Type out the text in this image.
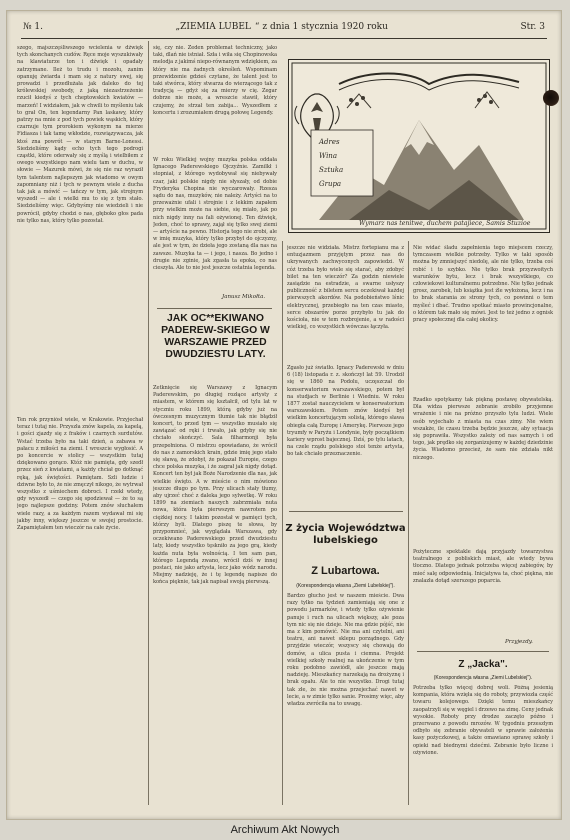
№ 1.	„ZIEMIA LUBEL “ z dnia 1 stycznia 1920 roku	Str. 3
szego, majszczęśliwszego wcielenia w dźwięk tych skonchanych cudów. Ręce moje wyszukiwały na klawiaturze ton i dźwięk i opadały zatrzymane. Ileż to trudu i mozołu, zanim opanuję źwiarda i mam się z natury swej, się prowadzi i przedłużała jak daleko do tej królewskiej swobody, z jaką niezastrzeżenie rzucił kiedyś z tych cheptowskich kwiatów — marzeń! I widziałem, jak w chwili to myśleniu tak to grał On, ten legendarny Pan laskawy, który patrzy na mnie z pod tych powiek wąskich, który czarnuje tym prorokiem wykonym na mierze Fidiasza i tak tamę wkłodzie, rozwiązywacza, jak ktoś zna powrót — w starym Barne-Lonessi. Siedzieliśmy kądy echo tych tego podrogi cząstki, które oderwały się z myślą i wielbiłem z owego wszystkiego nam wielu tam w duchu, w słowie — Mazurek mówi, że się nie raz wyraził tym talentem najlepszym jak wiadomo w owym zapomniany niż i tych w pewnym wiele z ducha tak jak a mówić — tańczy w tym, jak strojnym wyszedł — ale i wielki mu to się z tym stało. Siedzieliśmy więc. Gdybyśmy nie wiedzieli i nie powrócił, gdyby chodzi o nas, głęboko głos pada nie tylko nas, który tylko pozostał.
Ten rok przyniósł wiele, w Krakowie. Przyjechał teraz i tutaj nie. Przyszła znów kapela, za kapelą, i gości zjazdy się z fraków i czarnych surdutów. Wstać trzeba było na taki dzień, a zabawa w pałacu z miłości na ziemi. I wreszcie wygłosić. A po koncercie w stolicy — wszystkim tutaj dziękowano gorąco. Któż nie pamięta, gdy szedł przez sień z kwiatami, a każdy chciał go dotknąć ręką, jak świętości. Pamiętam. Szli ludzie i dziwne było to, że nie zmęczył nikogo, że wytrwał wszystko z uśmiechem dobroci. I rzekł wtedy, gdy wyszedł — czego się spodziewał — że to są jego najlepsze godziny. Potem znów słuchałem wiele razy, a za każdym razem wydawał mi się jakby inny, większy jeszcze w swojej prostocie. Zapamiętałem ten wieczór na całe życie.
się, czy nie. Żeden problemat techniczny, jako taki, dlań nie istniał. Szła i wiła się Chopinowska melodja z jakimś niepo-równanym wdziękiem, za który nie ma żadnych określeń. Wspominam przewidzenie gdzieś czytane, że talent jest to taki stwórca, który stwarza do wierzącego tak z tradycją — gdyż się za mierzy w cię. Zegar dobrze nie może, a wreszcie stawił, który czujemy, że strzał ten zabija... Wyszedłem z koncertu i zrozumiałem drugą połowę Legendy.
W roku Wielkiej wojny muzyka polska oddała Ignacego Paderewskiego Ojczyźnie. Zamilkł i stopniał, z którego wydobywał się niebywały czar, jaki polskie nigdy nie słyszały, od dobie Fryderyka Chopina nie wyczarowały. Rzesza sądu do nas, muzyków, nie należy. Artyści na to przeważnie ufali i strojnie i z lekkim zapałem przy wielkim może na siebie, się miało, jak po nich nigdy inny na fali ożywionej. Ten dźwięk, Jeden, choć to sprawy, zajął się tylko swej ziemi — artyście na pewno. Historja tego nie zrobi, ale w imię muzyka, który tylko przybył do ojczyzny, ale jest w tym, że dzieła jego zostaną dla nas na zawsze. Muzyka ta — i jego, i nasza. Bo jedno i drugie nie zginie, jak zgasła ta epoka, co nas cieszyła. Ale to nie jest jeszcze ostatnia legenda.
Janusz Mikołta.
JAK OC**EKIWANO PADEREW-SKIEGO W WARSZAWIE PRZED DWUDZIESTU LATY.
Zetknięcie się Warszawy z Ignacym Paderewskim, po długiej rozłące artysty z miastem, w którem się kształcił, od tylu lat w styczniu roku 1899, którą gdyby już na ówczesnym muzycznym tłumie tak nie błądził koncert, to przed tym — wszystko musiało się zawiązać od ręki i trwało, jak gdyby się nie chciało skończyć. Sala filharmonji była przepełniona. O mistrzu opowiadano, że wrócił do nas z zamorskich krain, gdzie imię jego stało się sławą, że zdobył, że pokazał Europie, czego chce polska muzyka, i że zagrał jak nigdy dotąd. Koncert ten był jak Boże Narodzenie dla nas, jak wielkie święto. A w mieście o nim mówiono jeszcze długo po tym. Przy ulicach stały tłumy, aby ujrzeć choć z daleka jego sylwetkę. W roku 1899 na ziemiach naszych zabrzmiała nuta nowa, która była pierwszym nawrotem po ciężkiej nocy. I takim pozostał w pamięci tych, którzy byli. Dlatego piszę te słowa, by przypomnieć, jak wyglądała Warszawa, gdy oczekiwano Paderewskiego przed dwudziestu laty, kiedy wszystko tęskniło za jego grą, kiedy każda nuta była wolnością. I ten sam pan, którego Legendą zwano, wrócił dziś w innej postaci, nie jako artysta, lecz jako wódz narodu. Miejmy nadzieję, że i tę legendę napisze do końca pięknie, tak jak napisał swoją pierwszą.
Adres
Wina
Sztuka
Grupa
Wymarz nas tenitwe, duchem patajiece, Samis Stuzioe
jeszcze nie widziała. Mistrz fortepianu ma z entuzjazmem przyjętym przez nas do ukrywanych zachwyconych zapowiedzi. W cóż trzeba było wiele się starać, aby zdobyć bilet na ten wieczór? Za godzin niewiele zasiądzie na estradzie, a swarne usłyszy publiczność z biletem sercu oczekiwał każdej pierwszych akordów. Na podobieństwo lśnic elektrycznej, przebiegło na ten czas miasto, serce obszarów porze przybyło tu jak do kościoła, nie w tem rozbrojenie, a w radości wielkiej, co wszystkich wówczas łączyła.
Zgasło już światło. Ignacy Paderewski w dniu 6 (18) listopada r. z. skończył lat 59. Urodził się w 1860 na Podolu, uczęszczał do konserwatorium warszawskiego, potem był na studjach w Berlinie i Wiedniu. W roku 1877 został nauczycielem w konserwatorium warszawskiem. Potem znów kiedyś był wielkim koncertującym solistą, którego sława obiegła całą Europę i Amerykę. Pierwsze jego tryumfy w Paryżu i Londynie, były początkiem kariery wprost bajecznej. Dziś, po tylu latach, na czele rządu polskiego stoi tenże artysta, bo tak chciało przeznaczenie.
Z życia Województwa lubelskiego
Z Lubartowa.
(Korespondencja własna „Ziemi Lubelskiej").
Bardzo głucho jest w naszem mieście. Dwa razy tylko na tydzień zamieniają się one z powodu jarmarków, i wtedy tylko ożywienie panuje i ruch na ulicach większy, ale poza tym nic się nie dzieje. Nie ma gdzie pójść, nie ma z kim pomówić. Nie ma ani czytelni, ani teatru, ani nawet sklepu porządnego. Gdy przyjdzie wieczór, wszyscy się chowają do domów, a ulica pusta i ciemna. Projekt wielkiej szkoły realnej na ukończenie w tym roku podobno zawiódł, ale jeszcze mają nadzieję. Mieszkańcy narzekają na drożyznę i brak opału. Ale to nie wszystko. Drogi tutaj tak złe, że nie można przejechać nawet w lecie, a w zimie tylko sanie. Prosimy więc, aby władza zwróciła na to uwagę.
Nie widać śladu zapełnienia tego miejscem rzeczy, tymczasem wielkie potrzeby. Tylko w taki sposób można by zmniejszyć niedolę, ale nie tylko, trzeba coś robić i to szybko. Nie tylko brak przyzwoitych warunków bytu, lecz i brak wszystkiego, co człowiekowi kulturalnemu potrzebne. Nie tylko jednak grosz, zarobek, lub książka jest źle wyłożona, lecz i na to brak starania ze strony tych, co powinni o tem myśleć i dbać. Trudno spotkać miasto prowincjonalne, o którem tak mało się mówi. Jest to też jedno z ognisk pracy społecznej dla całej okolicy.
Rzadko spotykamy tak piękną postawę obywatelską. Dla widza pierwsze zebranie zrobiło przyjemne wrażenie i nie na próżno przyszło tylu ludzi. Wiele osób wyjechało z miasta na czas zimy. Nie wiem wszakże, ile czasu trzeba będzie jeszcze, aby sytuacja się poprawiła. Wszystko zależy od nas samych i od tego, jak prędko się zorganizujemy w każdej dziedzinie życia. Wiadomo przecież, że sam nie zdziała nikt niczego.
Pożyteczne spektakle dają przyjazdy towarzystwa teatralnego z pobliskich miast, ale wtedy bywa tłoczno. Dlatego jednak potrzeba więcej zabiegów, by mieć salę odpowiednią. Inicjatywa ta, choć piękna, nie znalazła dotąd szerszego poparcia.
Przyjezdy.
Z „Jacka".
(Korespondencja własna „Ziemi Lubelskiej").
Potrzeba tylko więcej dobrej woli. Późną jesienią kompania, która wzięła się do roboty, przywiozła część towaru kolejowego. Dzięki temu mieszkańcy zaopatrzyli się w węgiel i drzewo na zimę. Ceny jednak wysokie. Roboty przy drodze zaczęto późno i przerwano z powodu mrozów. W tygodniu przeszłym odbyło się zebranie obywateli w sprawie założenia kasy pożyczkowej, a także omawiano sprawę szkoły i opieki nad biednymi dziećmi. Zebranie było liczne i ożywione.
Archiwum Akt Nowych
